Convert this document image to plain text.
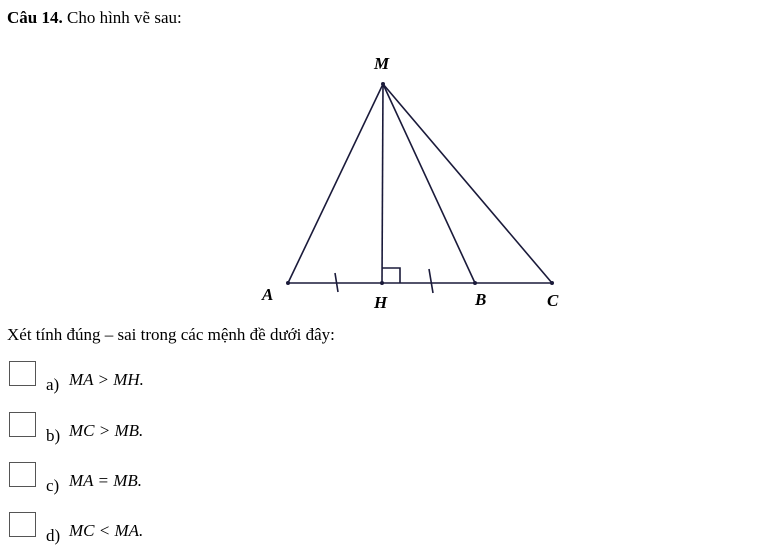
Câu 14. Cho hình vẽ sau:
M
A	H	B	C
Xét tính đúng – sai trong các mệnh đề dưới đây:
a) MA > MH.
b) MC > MB.
c) MA = MB.
d) MC < MA.
